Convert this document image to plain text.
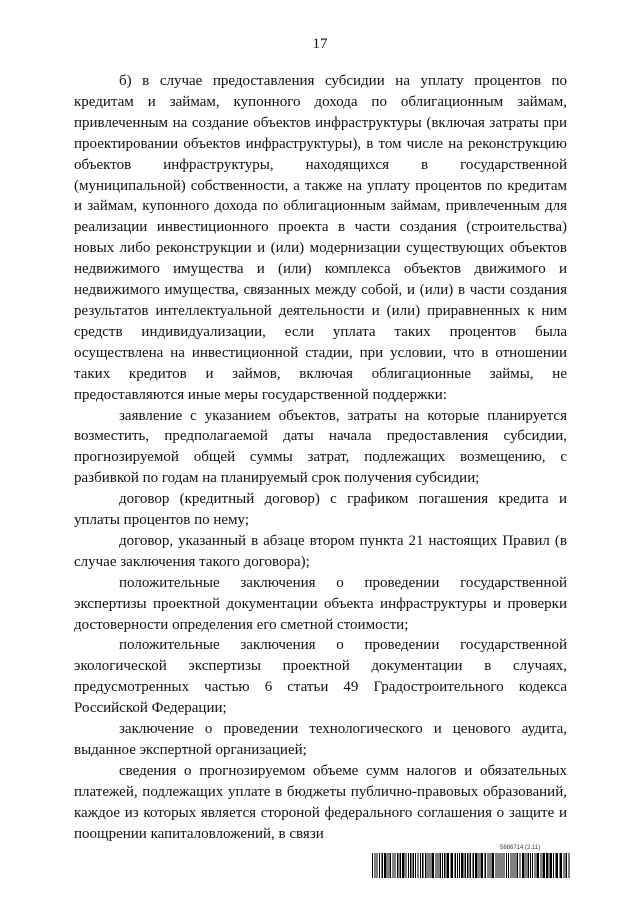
17

б) в случае предоставления субсидии на уплату процентов по кредитам и займам, купонного дохода по облигационным займам, привлеченным на создание объектов инфраструктуры (включая затраты при проектировании объектов инфраструктуры), в том числе на реконструкцию объектов инфраструктуры, находящихся в государственной (муниципальной) собственности, а также на уплату процентов по кредитам и займам, купонного дохода по облигационным займам, привлеченным для реализации инвестиционного проекта в части создания (строительства) новых либо реконструкции и (или) модернизации существующих объектов недвижимого имущества и (или) комплекса объектов движимого и недвижимого имущества, связанных между собой, и (или) в части создания результатов интеллектуальной деятельности и (или) приравненных к ним средств индивидуализации, если уплата таких процентов была осуществлена на инвестиционной стадии, при условии, что в отношении таких кредитов и займов, включая облигационные займы, не предоставляются иные меры государственной поддержки:

заявление с указанием объектов, затраты на которые планируется возместить, предполагаемой даты начала предоставления субсидии, прогнозируемой общей суммы затрат, подлежащих возмещению, с разбивкой по годам на планируемый срок получения субсидии;

договор (кредитный договор) с графиком погашения кредита и уплаты процентов по нему;

договор, указанный в абзаце втором пункта 21 настоящих Правил (в случае заключения такого договора);

положительные заключения о проведении государственной экспертизы проектной документации объекта инфраструктуры и проверки достоверности определения его сметной стоимости;

положительные заключения о проведении государственной экологической экспертизы проектной документации в случаях, предусмотренных частью 6 статьи 49 Градостроительного кодекса Российской Федерации;

заключение о проведении технологического и ценового аудита, выданное экспертной организацией;

сведения о прогнозируемом объеме сумм налогов и обязательных платежей, подлежащих уплате в бюджеты публично-правовых образований, каждое из которых является стороной федерального соглашения о защите и поощрении капиталовложений, в связи

5886714 (2.11)
